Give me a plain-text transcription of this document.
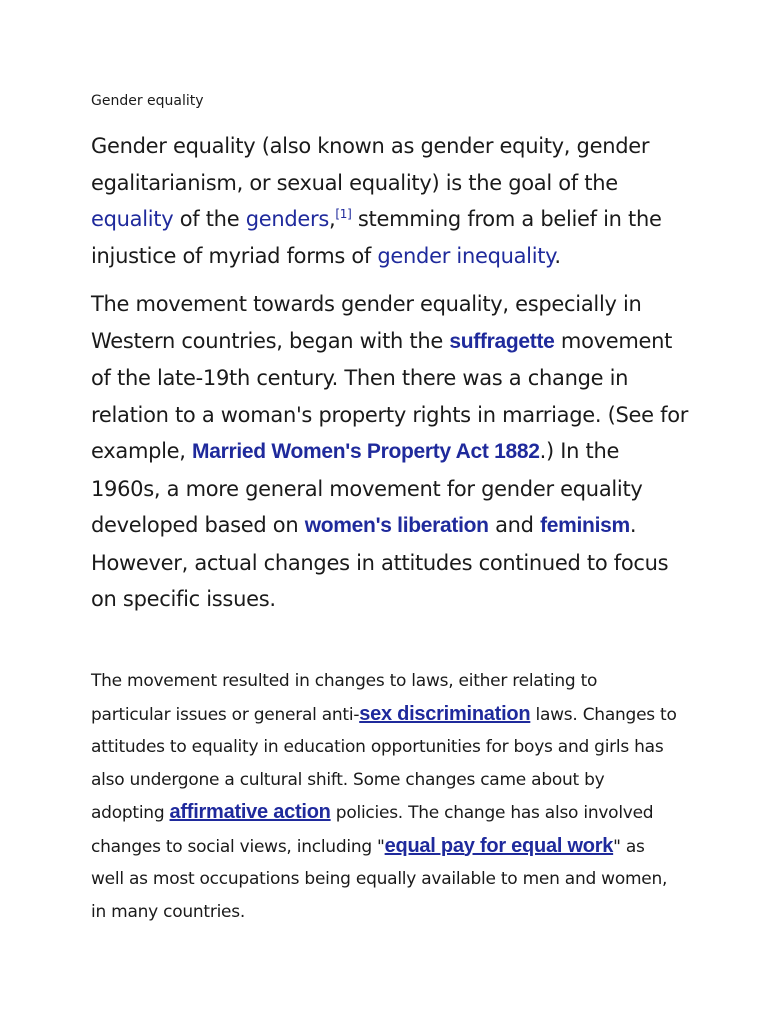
Gender equality

Gender equality (also known as gender equity, gender egalitarianism, or sexual equality) is the goal of the equality of the genders,[1] stemming from a belief in the injustice of myriad forms of gender inequality.

The movement towards gender equality, especially in Western countries, began with the suffragette movement of the late-19th century. Then there was a change in relation to a woman's property rights in marriage. (See for example, Married Women's Property Act 1882.) In the 1960s, a more general movement for gender equality developed based on women's liberation and feminism. However, actual changes in attitudes continued to focus on specific issues.

The movement resulted in changes to laws, either relating to particular issues or general anti-sex discrimination laws. Changes to attitudes to equality in education opportunities for boys and girls has also undergone a cultural shift. Some changes came about by adopting affirmative action policies. The change has also involved changes to social views, including "equal pay for equal work" as well as most occupations being equally available to men and women, in many countries.
